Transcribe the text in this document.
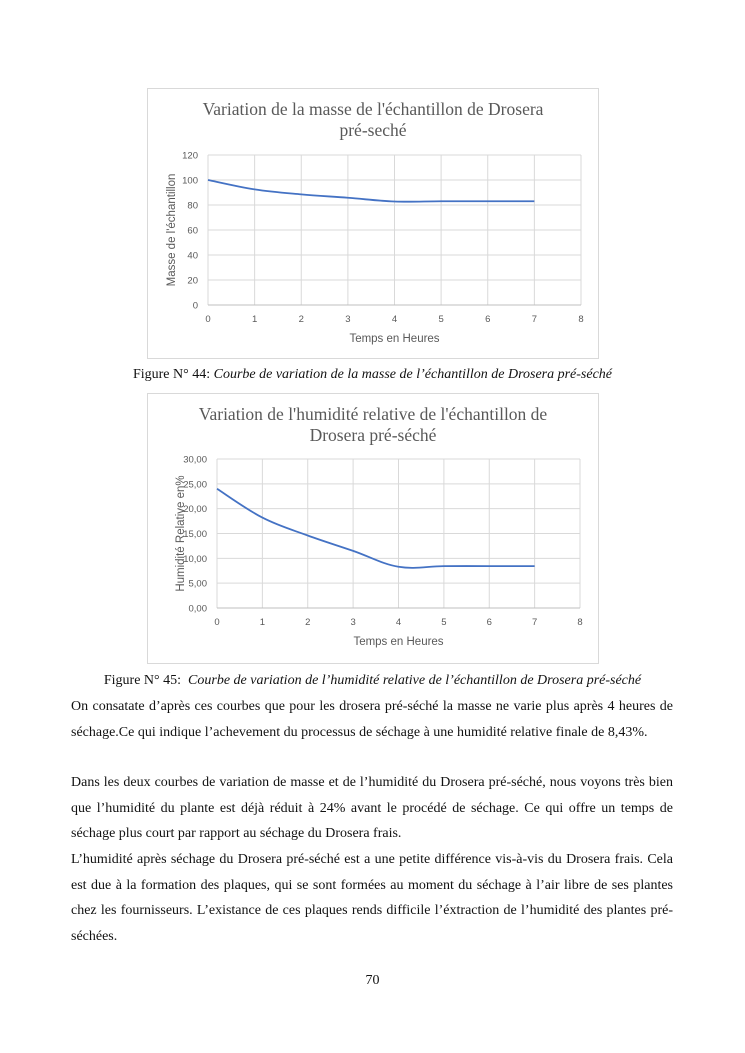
Variation de la masse de l'échantillon de Drosera
pré-seché
0
20
40
60
80
100
120
0	1	2	3	4	5	6	7	8
Temps en Heures
Masse de l'échantillon
Figure N° 44: Courbe de variation de la masse de l’échantillon de Drosera pré-séché
Variation de l'humidité relative de l'échantillon de
Drosera pré-séché
0,00
5,00
10,00
15,00
20,00
25,00
30,00
0	1	2	3	4	5	6	7	8
Temps en Heures
Humidité Relative en%
Figure N° 45: Courbe de variation de l’humidité relative de l’échantillon de Drosera pré-séché

On consatate d’après ces courbes que pour les drosera pré-séché la masse ne varie plus après 4 heures de séchage.Ce qui indique l’achevement du processus de séchage à une humidité relative finale de 8,43%.

Dans les deux courbes de variation de masse et de l’humidité du Drosera pré-séché, nous voyons très bien que l’humidité du plante est déjà réduit à 24% avant le procédé de séchage. Ce qui offre un temps de séchage plus court par rapport au séchage du Drosera frais.

L’humidité après séchage du Drosera pré-séché est a une petite différence vis-à-vis du Drosera frais. Cela est due à la formation des plaques, qui se sont formées au moment du séchage à l’air libre de ses plantes chez les fournisseurs. L’existance de ces plaques rends difficile l’éxtraction de l’humidité des plantes pré-séchées.

70
